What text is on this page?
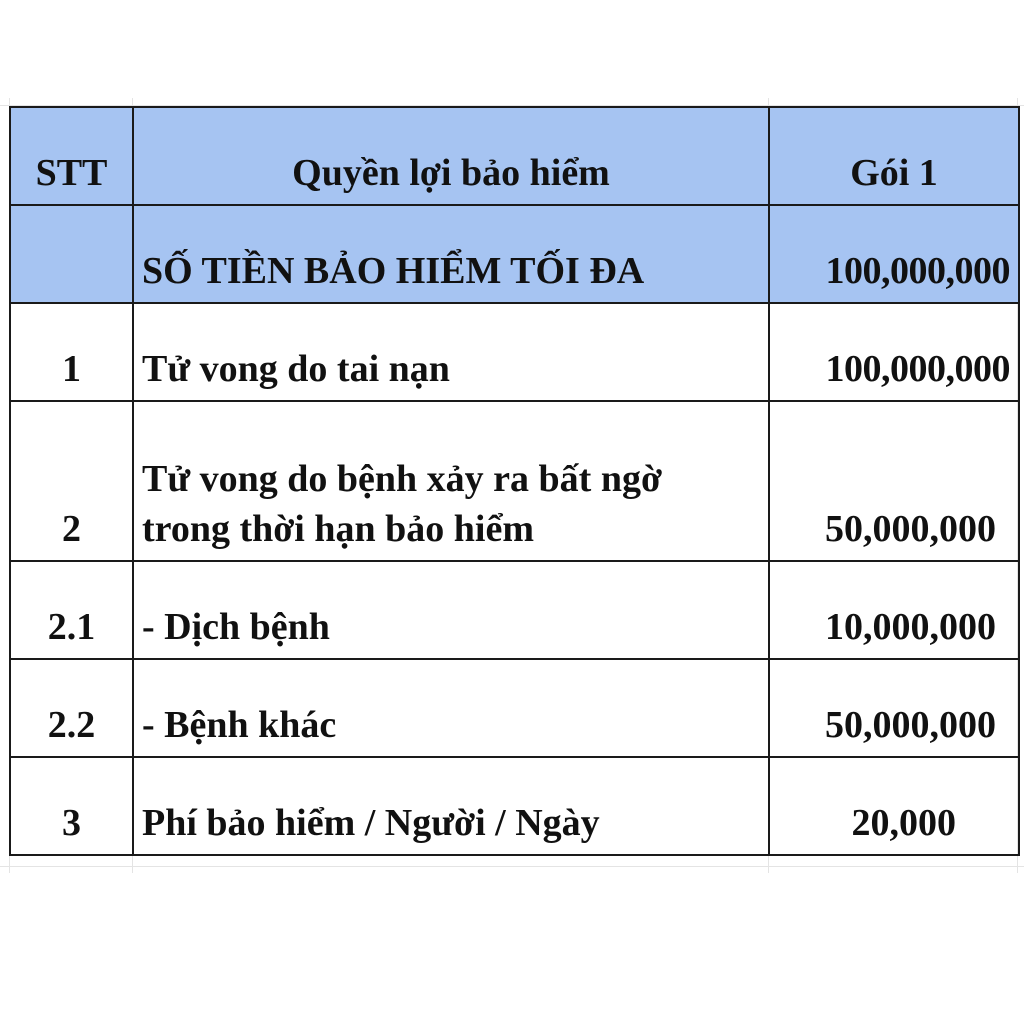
STT	Quyền lợi bảo hiểm	Gói 1
	SỐ TIỀN BẢO HIỂM TỐI ĐA	100,000,000
1	Tử vong do tai nạn	100,000,000
2	Tử vong do bệnh xảy ra bất ngờ trong thời hạn bảo hiểm	50,000,000
2.1	- Dịch bệnh	10,000,000
2.2	- Bệnh khác	50,000,000
3	Phí bảo hiểm / Người / Ngày	20,000
